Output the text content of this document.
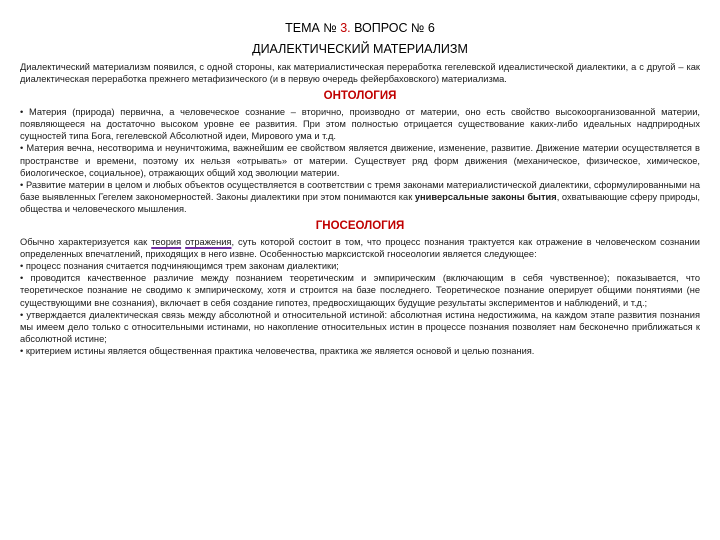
ТЕМА № 3. ВОПРОС № 6
ДИАЛЕКТИЧЕСКИЙ МАТЕРИАЛИЗМ

Диалектический материализм появился, с одной стороны, как материалистическая переработка гегелевской идеалистической диалектики, а с другой – как диалектическая переработка прежнего метафизического (и в первую очередь фейербаховского) материализма.

ОНТОЛОГИЯ

• Материя (природа) первична, а человеческое сознание – вторично, производно от материи, оно есть свойство высокоорганизованной материи, появляющееся на достаточно высоком уровне ее развития. При этом полностью отрицается существование каких-либо идеальных надприродных сущностей типа Бога, гегелевской Абсолютной идеи, Мирового ума и т.д.

• Материя вечна, несотворима и неуничтожима, важнейшим ее свойством является движение, изменение, развитие. Движение материи осуществляется в пространстве и времени, поэтому их нельзя «отрывать» от материи. Существует ряд форм движения (механическое, физическое, химическое, биологическое, социальное), отражающих общий ход эволюции материи.

• Развитие материи в целом и любых объектов осуществляется в соответствии с тремя законами материалистической диалектики, сформулированными на базе выявленных Гегелем закономерностей. Законы диалектики при этом понимаются как универсальные законы бытия, охватывающие сферу природы, общества и человеческого мышления.

ГНОСЕОЛОГИЯ

Обычно характеризуется как теория отражения, суть которой состоит в том, что процесс познания трактуется как отражение в человеческом сознании определенных впечатлений, приходящих в него извне. Особенностью марксистской гносеологии является следующее:

• процесс познания считается подчиняющимся трем законам диалектики;

• проводится качественное различие между познанием теоретическим и эмпирическим (включающим в себя чувственное); показывается, что теоретическое познание не сводимо к эмпирическому, хотя и строится на базе последнего. Теоретическое познание оперирует общими понятиями (не существующими вне сознания), включает в себя создание гипотез, предвосхищающих будущие результаты экспериментов и наблюдений, и т.д.;

• утверждается диалектическая связь между абсолютной и относительной истиной: абсолютная истина недостижима, на каждом этапе развития познания мы имеем дело только с относительными истинами, но накопление относительных истин в процессе познания позволяет нам бесконечно приближаться к абсолютной истине;

• критерием истины является общественная практика человечества, практика же является основой и целью познания.
